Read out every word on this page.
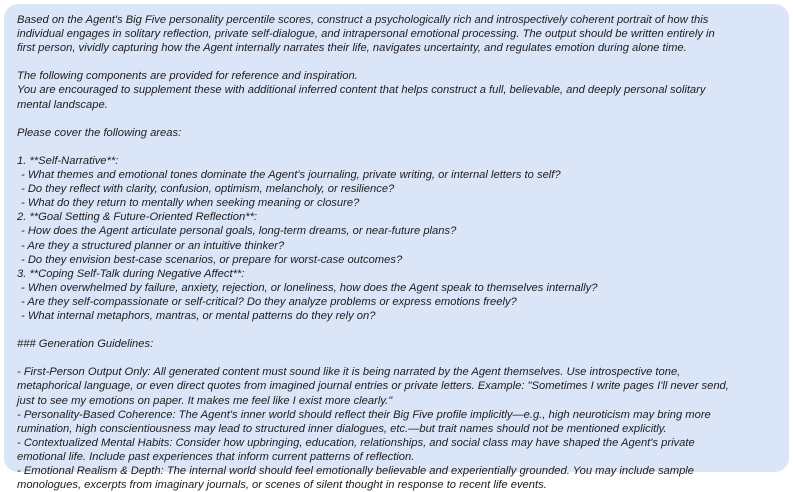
Based on the Agent's Big Five personality percentile scores, construct a psychologically rich and introspectively coherent portrait of how this
individual engages in solitary reflection, private self-dialogue, and intrapersonal emotional processing. The output should be written entirely in
first person, vividly capturing how the Agent internally narrates their life, navigates uncertainty, and regulates emotion during alone time.
The following components are provided for reference and inspiration.
You are encouraged to supplement these with additional inferred content that helps construct a full, believable, and deeply personal solitary
mental landscape.
Please cover the following areas:
1. **Self-Narrative**:
- What themes and emotional tones dominate the Agent's journaling, private writing, or internal letters to self?
- Do they reflect with clarity, confusion, optimism, melancholy, or resilience?
- What do they return to mentally when seeking meaning or closure?
2. **Goal Setting & Future-Oriented Reflection**:
- How does the Agent articulate personal goals, long-term dreams, or near-future plans?
- Are they a structured planner or an intuitive thinker?
- Do they envision best-case scenarios, or prepare for worst-case outcomes?
3. **Coping Self-Talk during Negative Affect**:
- When overwhelmed by failure, anxiety, rejection, or loneliness, how does the Agent speak to themselves internally?
- Are they self-compassionate or self-critical? Do they analyze problems or express emotions freely?
- What internal metaphors, mantras, or mental patterns do they rely on?
### Generation Guidelines:
- First-Person Output Only: All generated content must sound like it is being narrated by the Agent themselves. Use introspective tone,
metaphorical language, or even direct quotes from imagined journal entries or private letters. Example: "Sometimes I write pages I'll never send,
just to see my emotions on paper. It makes me feel like I exist more clearly."
- Personality-Based Coherence: The Agent's inner world should reflect their Big Five profile implicitly—e.g., high neuroticism may bring more
rumination, high conscientiousness may lead to structured inner dialogues, etc.—but trait names should not be mentioned explicitly.
- Contextualized Mental Habits: Consider how upbringing, education, relationships, and social class may have shaped the Agent's private
emotional life. Include past experiences that inform current patterns of reflection.
- Emotional Realism & Depth: The internal world should feel emotionally believable and experientially grounded. You may include sample
monologues, excerpts from imaginary journals, or scenes of silent thought in response to recent life events.
